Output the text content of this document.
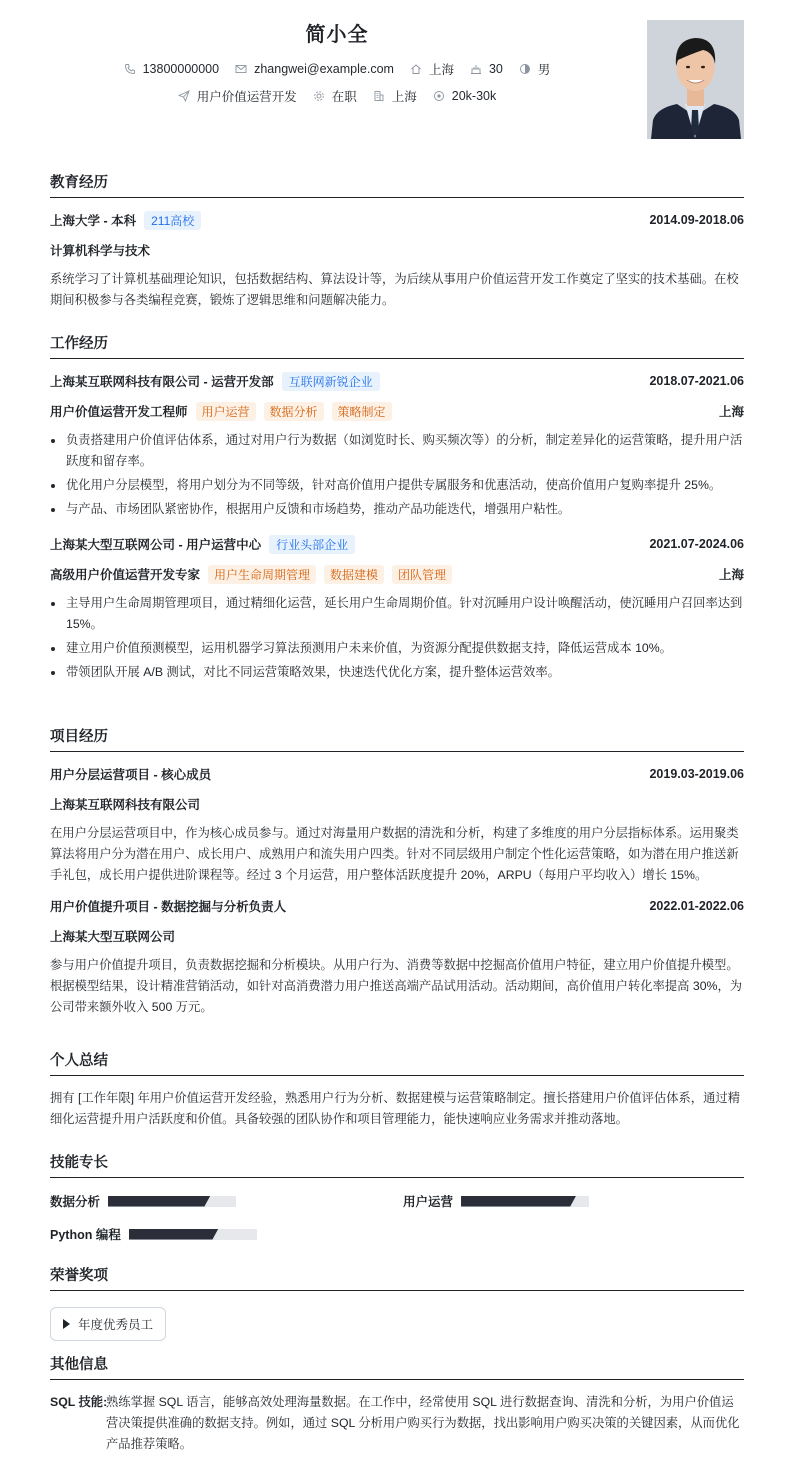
简小全
13800000000	zhangwei@example.com	上海	30	男
用户价值运营开发	在职	上海	20k-30k
教育经历
上海大学 - 本科	211高校	2014.09-2018.06
计算机科学与技术
系统学习了计算机基础理论知识，包括数据结构、算法设计等，为后续从事用户价值运营开发工作奠定了坚实的技术基础。在校期间积极参与各类编程竞赛，锻炼了逻辑思维和问题解决能力。
工作经历
上海某互联网科技有限公司 - 运营开发部	互联网新锐企业	2018.07-2021.06
用户价值运营开发工程师	用户运营	数据分析	策略制定	上海
负责搭建用户价值评估体系，通过对用户行为数据（如浏览时长、购买频次等）的分析，制定差异化的运营策略，提升用户活跃度和留存率。
优化用户分层模型，将用户划分为不同等级，针对高价值用户提供专属服务和优惠活动，使高价值用户复购率提升 25%。
与产品、市场团队紧密协作，根据用户反馈和市场趋势，推动产品功能迭代，增强用户粘性。
上海某大型互联网公司 - 用户运营中心	行业头部企业	2021.07-2024.06
高级用户价值运营开发专家	用户生命周期管理	数据建模	团队管理	上海
主导用户生命周期管理项目，通过精细化运营，延长用户生命周期价值。针对沉睡用户设计唤醒活动，使沉睡用户召回率达到 15%。
建立用户价值预测模型，运用机器学习算法预测用户未来价值，为资源分配提供数据支持，降低运营成本 10%。
带领团队开展 A/B 测试，对比不同运营策略效果，快速迭代优化方案，提升整体运营效率。
项目经历
用户分层运营项目 - 核心成员	2019.03-2019.06
上海某互联网科技有限公司
在用户分层运营项目中，作为核心成员参与。通过对海量用户数据的清洗和分析，构建了多维度的用户分层指标体系。运用聚类算法将用户分为潜在用户、成长用户、成熟用户和流失用户四类。针对不同层级用户制定个性化运营策略，如为潜在用户推送新手礼包，成长用户提供进阶课程等。经过 3 个月运营，用户整体活跃度提升 20%，ARPU（每用户平均收入）增长 15%。
用户价值提升项目 - 数据挖掘与分析负责人	2022.01-2022.06
上海某大型互联网公司
参与用户价值提升项目，负责数据挖掘和分析模块。从用户行为、消费等数据中挖掘高价值用户特征，建立用户价值提升模型。根据模型结果，设计精准营销活动，如针对高消费潜力用户推送高端产品试用活动。活动期间，高价值用户转化率提高 30%，为公司带来额外收入 500 万元。
个人总结
拥有 [工作年限] 年用户价值运营开发经验，熟悉用户行为分析、数据建模与运营策略制定。擅长搭建用户价值评估体系，通过精细化运营提升用户活跃度和价值。具备较强的团队协作和项目管理能力，能快速响应业务需求并推动落地。
技能专长
数据分析	用户运营
Python 编程
荣誉奖项
年度优秀员工
其他信息
SQL 技能:
熟练掌握 SQL 语言，能够高效处理海量数据。在工作中，经常使用 SQL 进行数据查询、清洗和分析，为用户价值运营决策提供准确的数据支持。例如，通过 SQL 分析用户购买行为数据，找出影响用户购买决策的关键因素，从而优化产品推荐策略。
